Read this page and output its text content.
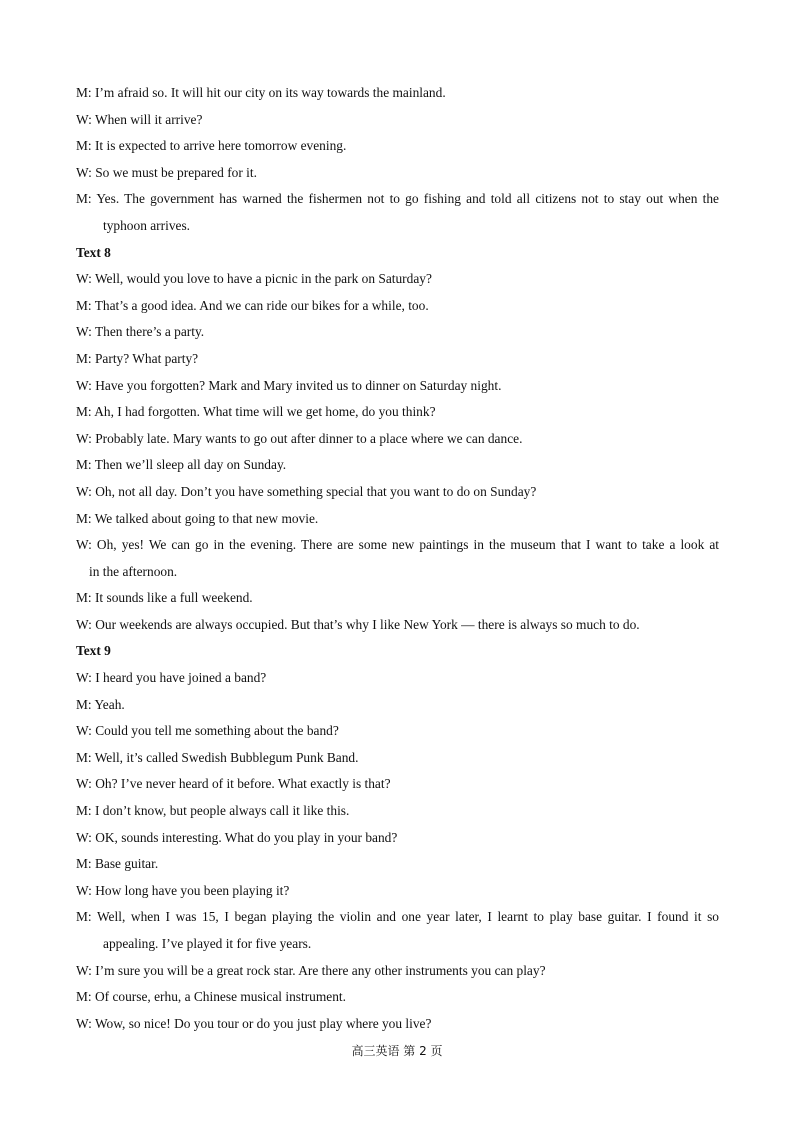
M: I’m afraid so. It will hit our city on its way towards the mainland.
W: When will it arrive?
M: It is expected to arrive here tomorrow evening.
W: So we must be prepared for it.
M: Yes. The government has warned the fishermen not to go fishing and told all citizens not to stay out when the
typhoon arrives.
Text 8
W: Well, would you love to have a picnic in the park on Saturday?
M: That’s a good idea. And we can ride our bikes for a while, too.
W: Then there’s a party.
M: Party? What party?
W: Have you forgotten? Mark and Mary invited us to dinner on Saturday night.
M: Ah, I had forgotten. What time will we get home, do you think?
W: Probably late. Mary wants to go out after dinner to a place where we can dance.
M: Then we’ll sleep all day on Sunday.
W: Oh, not all day. Don’t you have something special that you want to do on Sunday?
M: We talked about going to that new movie.
W: Oh, yes! We can go in the evening. There are some new paintings in the museum that I want to take a look at
in the afternoon.
M: It sounds like a full weekend.
W: Our weekends are always occupied. But that’s why I like New York — there is always so much to do.
Text 9
W: I heard you have joined a band?
M: Yeah.
W: Could you tell me something about the band?
M: Well, it’s called Swedish Bubblegum Punk Band.
W: Oh? I’ve never heard of it before. What exactly is that?
M: I don’t know, but people always call it like this.
W: OK, sounds interesting. What do you play in your band?
M: Base guitar.
W: How long have you been playing it?
M: Well, when I was 15, I began playing the violin and one year later, I learnt to play base guitar. I found it so
appealing. I’ve played it for five years.
W: I’m sure you will be a great rock star. Are there any other instruments you can play?
M: Of course, erhu, a Chinese musical instrument.
W: Wow, so nice! Do you tour or do you just play where you live?
高三英语 第 2 页
